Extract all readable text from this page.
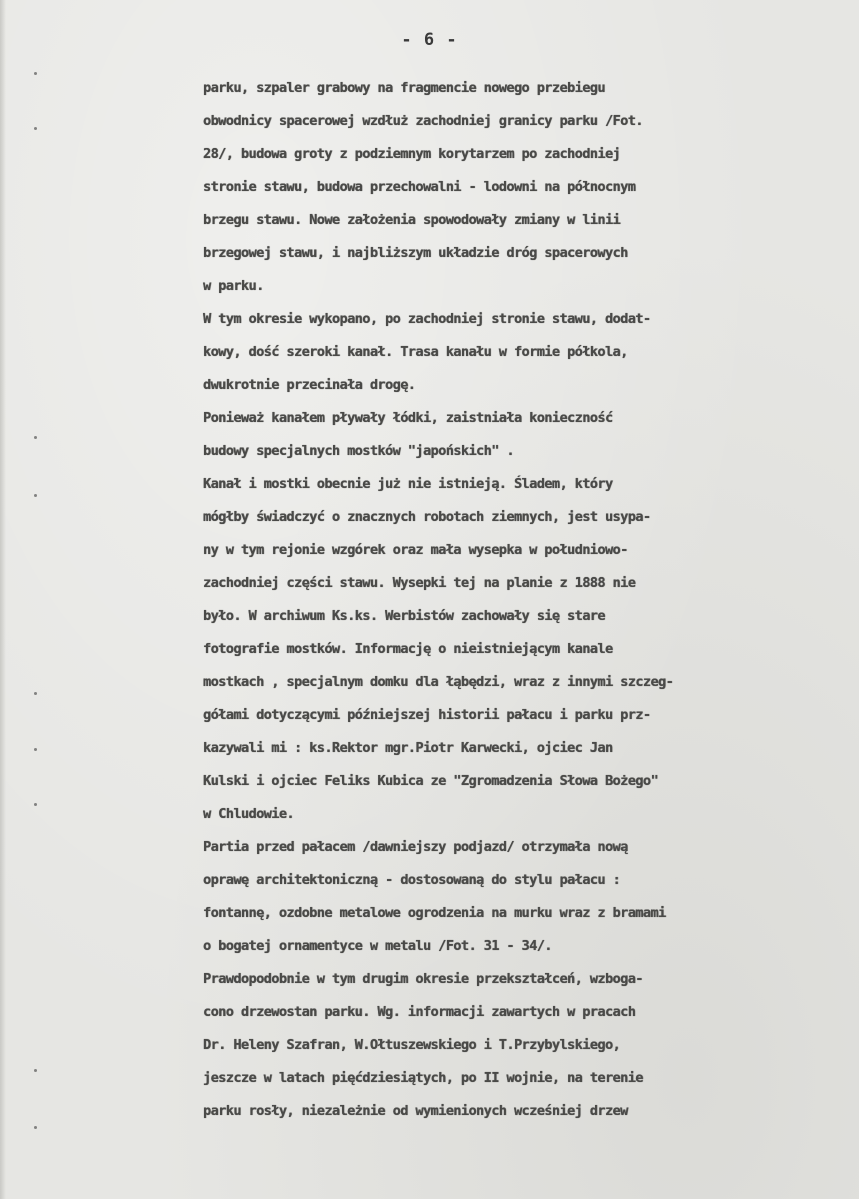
- 6 -
parku, szpaler grabowy na fragmencie nowego przebiegu
obwodnicy spacerowej wzdłuż zachodniej granicy parku /Fot.
28/, budowa groty z podziemnym korytarzem po zachodniej
stronie stawu, budowa przechowalni - lodowni na północnym
brzegu stawu. Nowe założenia spowodowały zmiany w linii
brzegowej stawu, i najbliższym układzie dróg spacerowych
w parku.
W tym okresie wykopano, po zachodniej stronie stawu, dodat-
kowy, dość szeroki kanał. Trasa kanału w formie półkola,
dwukrotnie przecinała drogę.
Ponieważ kanałem pływały łódki, zaistniała konieczność
budowy specjalnych mostków "japońskich" .
Kanał i mostki obecnie już nie istnieją. Śladem, który
mógłby świadczyć o znacznych robotach ziemnych, jest usypa-
ny w tym rejonie wzgórek oraz mała wysepka w południowo-
zachodniej części stawu. Wysepki tej na planie z 1888 nie
było. W archiwum Ks.ks. Werbistów zachowały się stare
fotografie mostków. Informację o nieistniejącym kanale
mostkach , specjalnym domku dla łąbędzi, wraz z innymi szczeg-
gółami dotyczącymi późniejszej historii pałacu i parku prz-
kazywali mi : ks.Rektor mgr.Piotr Karwecki, ojciec Jan
Kulski i ojciec Feliks Kubica ze "Zgromadzenia Słowa Bożego"
w Chludowie.
Partia przed pałacem /dawniejszy podjazd/ otrzymała nową
oprawę architektoniczną - dostosowaną do stylu pałacu :
fontannę, ozdobne metalowe ogrodzenia na murku wraz z bramami
o bogatej ornamentyce w metalu /Fot. 31 - 34/.
Prawdopodobnie w tym drugim okresie przekształceń, wzboga-
cono drzewostan parku. Wg. informacji zawartych w pracach
Dr. Heleny Szafran, W.Ołtuszewskiego i T.Przybylskiego,
jeszcze w latach pięćdziesiątych, po II wojnie, na terenie
parku rosły, niezależnie od wymienionych wcześniej drzew
